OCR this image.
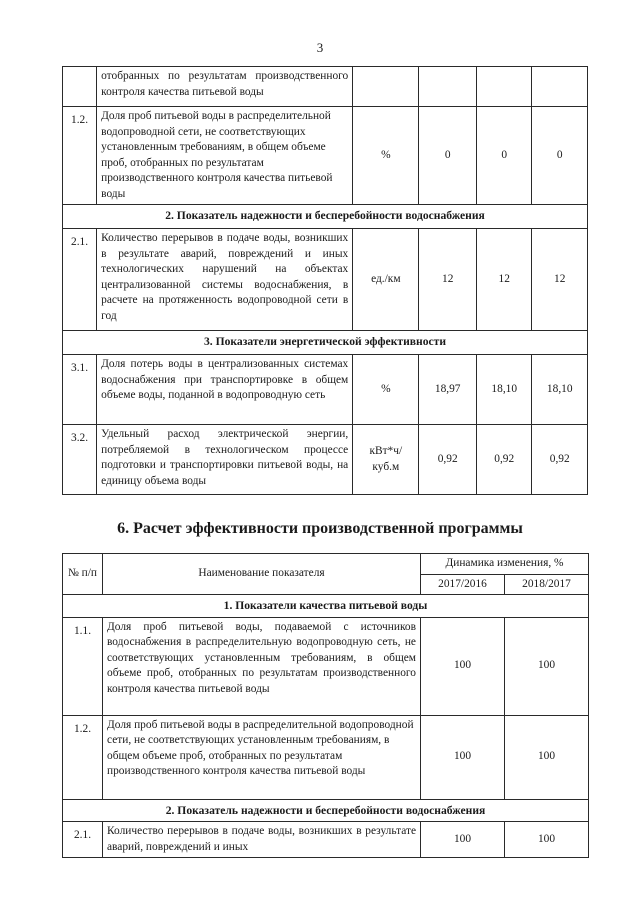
3
	отобранных по результатам производственного контроля качества питьевой воды				
1.2.	Доля проб питьевой воды в распределительной водопроводной сети, не соответствующих установленным требованиям, в общем объеме проб, отобранных по результатам производственного контроля качества питьевой воды	%	0	0	0
2. Показатель надежности и бесперебойности водоснабжения					
2.1.	Количество перерывов в подаче воды, возникших в результате аварий, повреждений и иных технологических нарушений на объектах централизованной системы водоснабжения, в расчете на протяженность водопроводной сети в год	ед./км	12	12	12
3. Показатели энергетической эффективности					
3.1.	Доля потерь воды в централизованных системах водоснабжения при транспортировке в общем объеме воды, поданной в водопроводную сеть	%	18,97	18,10	18,10
3.2.	Удельный расход электрической энергии, потребляемой в технологическом процессе подготовки и транспортировки питьевой воды, на единицу объема воды	кВт*ч/куб.м	0,92	0,92	0,92
6. Расчет эффективности производственной программы
№ п/п	Наименование показателя	Динамика изменения, %	
		2017/2016	2018/2017
1. Показатели качества питьевой воды			
1.1.	Доля проб питьевой воды, подаваемой с источников водоснабжения в распределительную водопроводную сеть, не соответствующих установленным требованиям, в общем объеме проб, отобранных по результатам производственного контроля качества питьевой воды	100	100
1.2.	Доля проб питьевой воды в распределительной водопроводной сети, не соответствующих установленным требованиям, в общем объеме проб, отобранных по результатам производственного контроля качества питьевой воды	100	100
2. Показатель надежности и бесперебойности водоснабжения			
2.1.	Количество перерывов в подаче воды, возникших в результате аварий, повреждений и иных	100	100
